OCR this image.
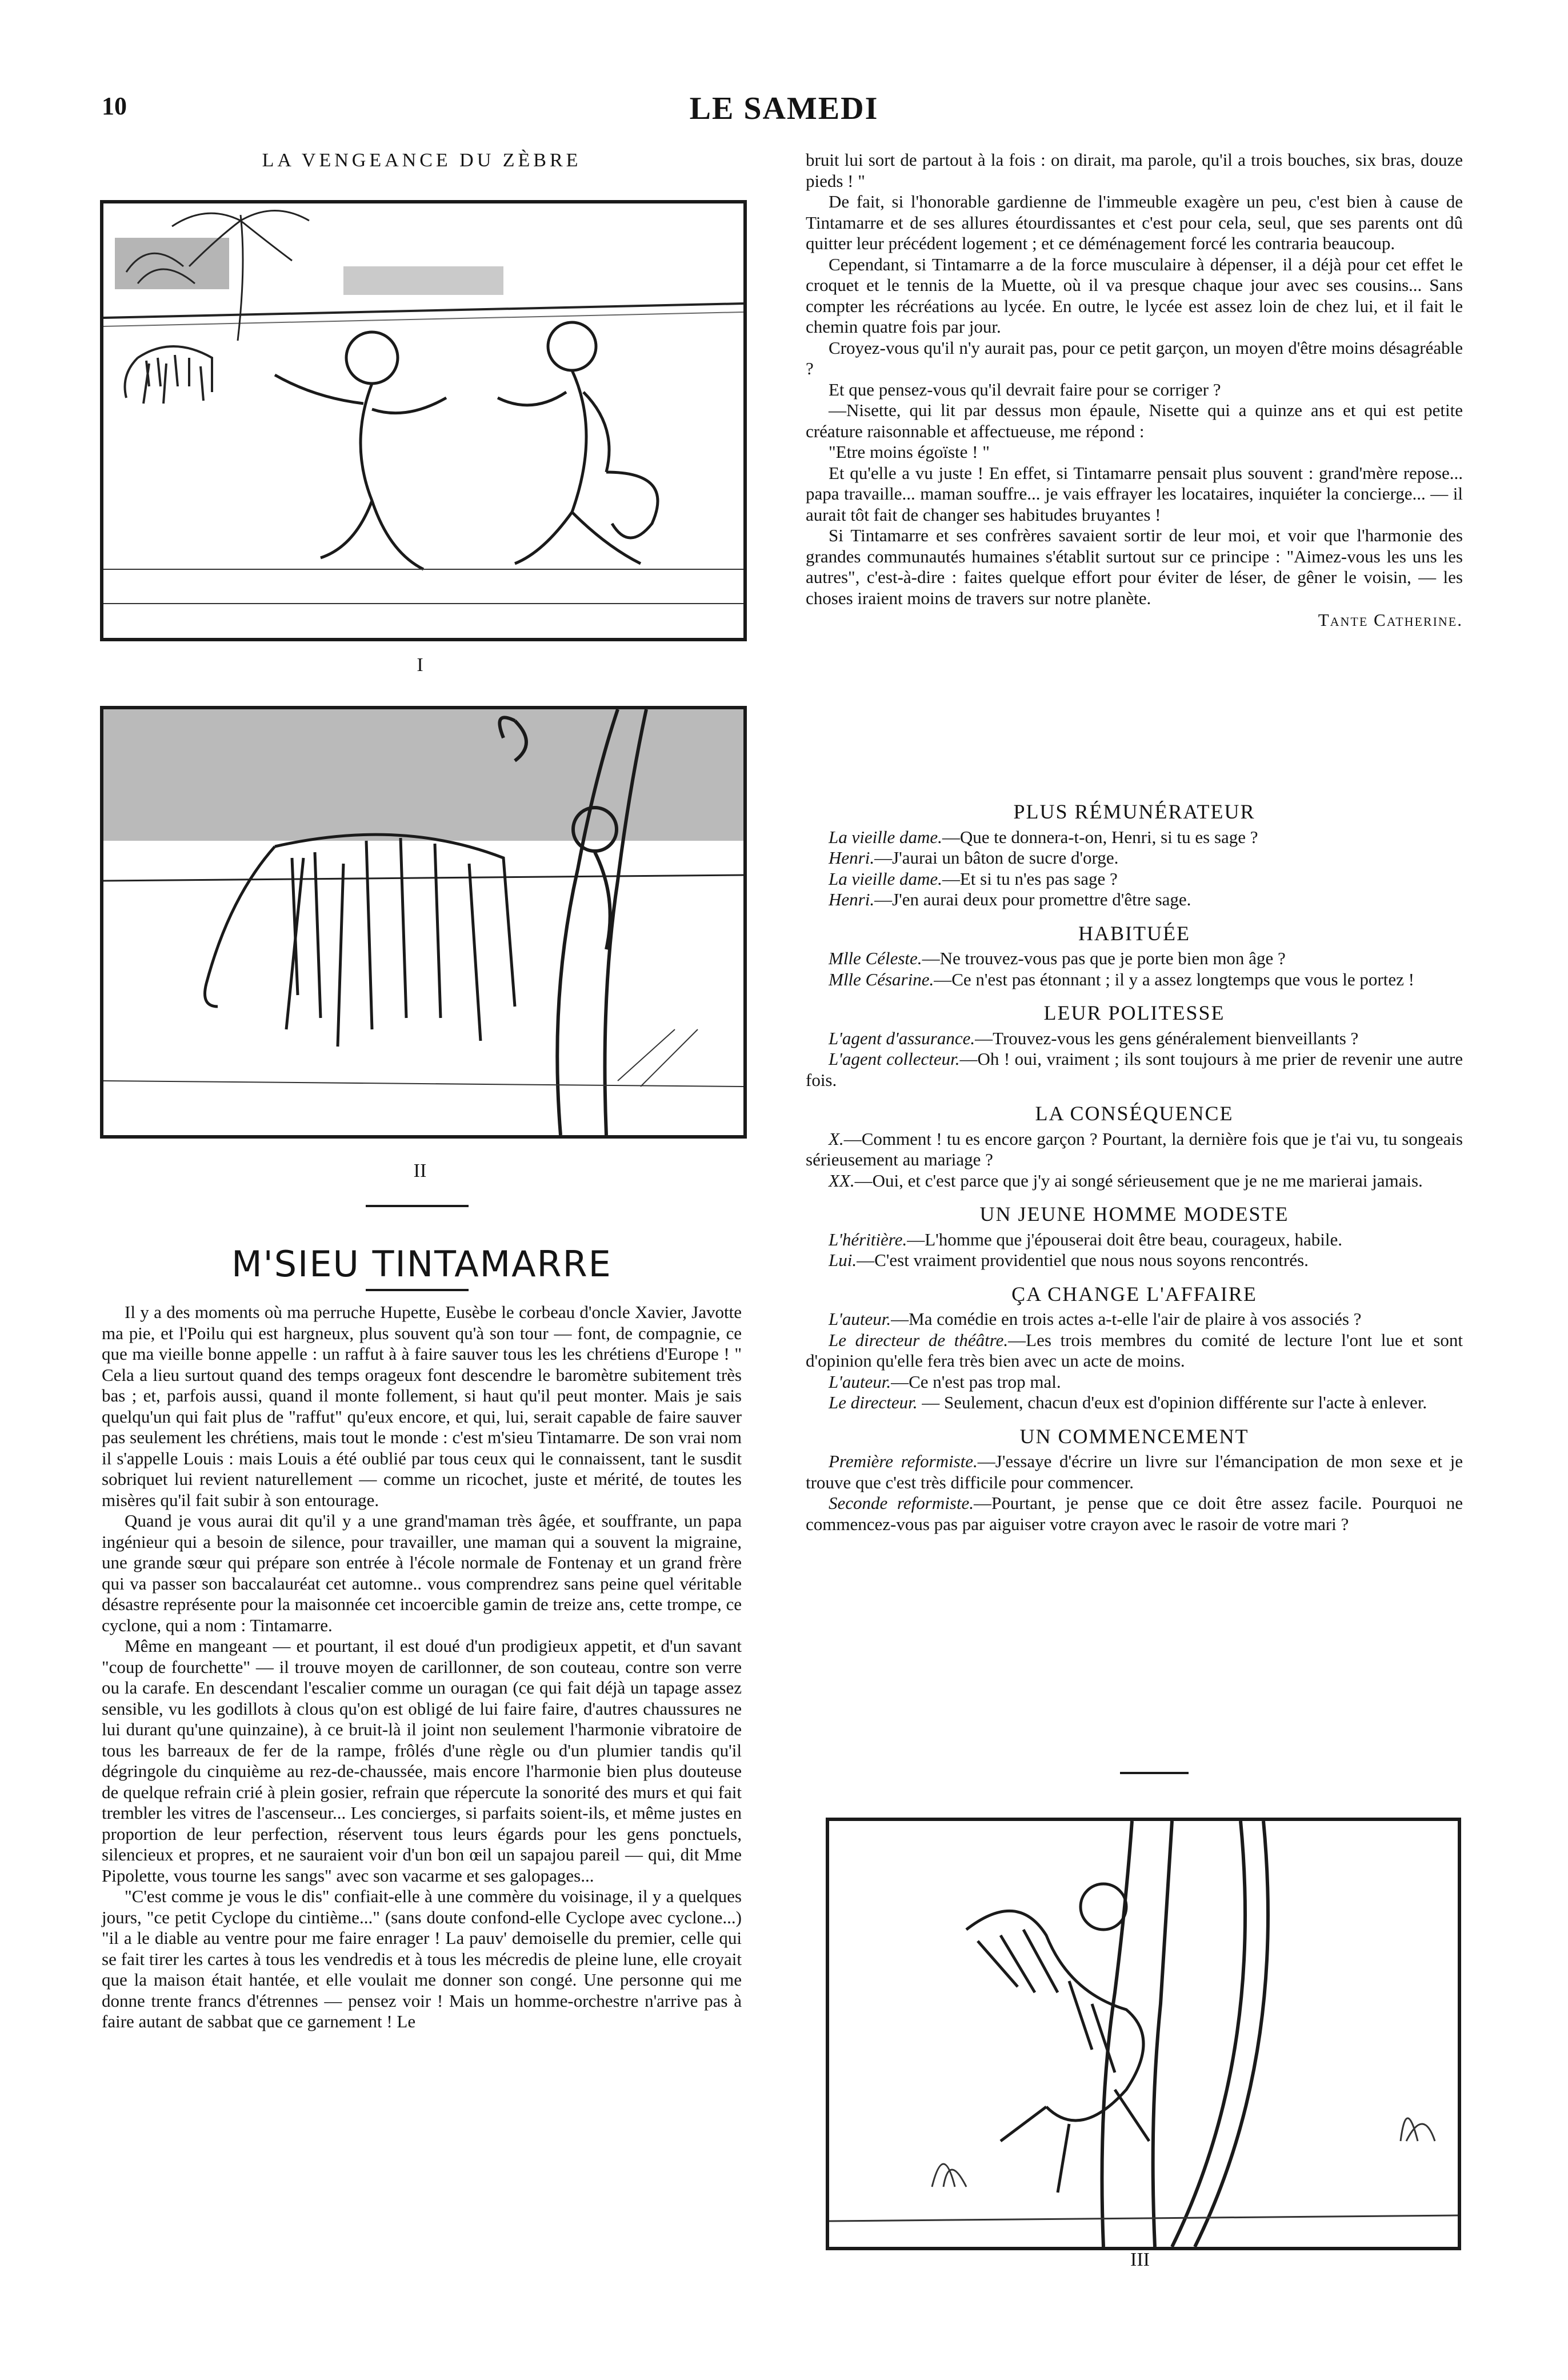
10	LE SAMEDI
LA VENGEANCE DU ZÈBRE
I
II
M'SIEU TINTAMARRE

Il y a des moments où ma perruche Hupette, Eusèbe le corbeau d'oncle Xavier, Javotte ma pie, et l'Poilu qui est hargneux, plus souvent qu'à son tour — font, de compagnie, ce que ma vieille bonne appelle : un raffut à à faire sauver tous les les chrétiens d'Europe ! " Cela a lieu surtout quand des temps orageux font descendre le baromètre subitement très bas ; et, parfois aussi, quand il monte follement, si haut qu'il peut monter. Mais je sais quelqu'un qui fait plus de "raffut" qu'eux encore, et qui, lui, serait capable de faire sauver pas seulement les chrétiens, mais tout le monde : c'est m'sieu Tintamarre. De son vrai nom il s'appelle Louis : mais Louis a été oublié par tous ceux qui le connaissent, tant le susdit sobriquet lui revient naturellement — comme un ricochet, juste et mérité, de toutes les misères qu'il fait subir à son entourage.

Quand je vous aurai dit qu'il y a une grand'maman très âgée, et souffrante, un papa ingénieur qui a besoin de silence, pour travailler, une maman qui a souvent la migraine, une grande sœur qui prépare son entrée à l'école normale de Fontenay et un grand frère qui va passer son baccalauréat cet automne.. vous comprendrez sans peine quel véritable désastre représente pour la maisonnée cet incoercible gamin de treize ans, cette trompe, ce cyclone, qui a nom : Tintamarre.

Même en mangeant — et pourtant, il est doué d'un prodigieux appetit, et d'un savant "coup de fourchette" — il trouve moyen de carillonner, de son couteau, contre son verre ou la carafe. En descendant l'escalier comme un ouragan (ce qui fait déjà un tapage assez sensible, vu les godillots à clous qu'on est obligé de lui faire faire, d'autres chaussures ne lui durant qu'une quinzaine), à ce bruit-là il joint non seulement l'harmonie vibratoire de tous les barreaux de fer de la rampe, frôlés d'une règle ou d'un plumier tandis qu'il dégringole du cinquième au rez-de-chaussée, mais encore l'harmonie bien plus douteuse de quelque refrain crié à plein gosier, refrain que répercute la sonorité des murs et qui fait trembler les vitres de l'ascenseur... Les concierges, si parfaits soient-ils, et même justes en proportion de leur perfection, réservent tous leurs égards pour les gens ponctuels, silencieux et propres, et ne sauraient voir d'un bon œil un sapajou pareil — qui, dit Mme Pipolette, vous tourne les sangs" avec son vacarme et ses galopages...

"C'est comme je vous le dis" confiait-elle à une commère du voisinage, il y a quelques jours, "ce petit Cyclope du cintième..." (sans doute confond-elle Cyclope avec cyclone...) "il a le diable au ventre pour me faire enrager ! La pauv' demoiselle du premier, celle qui se fait tirer les cartes à tous les vendredis et à tous les mécredis de pleine lune, elle croyait que la maison était hantée, et elle voulait me donner son congé. Une personne qui me donne trente francs d'étrennes — pensez voir ! Mais un homme-orchestre n'arrive pas à faire autant de sabbat que ce garnement ! Le

bruit lui sort de partout à la fois : on dirait, ma parole, qu'il a trois bouches, six bras, douze pieds ! "

De fait, si l'honorable gardienne de l'immeuble exagère un peu, c'est bien à cause de Tintamarre et de ses allures étourdissantes et c'est pour cela, seul, que ses parents ont dû quitter leur précédent logement ; et ce déménagement forcé les contraria beaucoup.

Cependant, si Tintamarre a de la force musculaire à dépenser, il a déjà pour cet effet le croquet et le tennis de la Muette, où il va presque chaque jour avec ses cousins... Sans compter les récréations au lycée. En outre, le lycée est assez loin de chez lui, et il fait le chemin quatre fois par jour.

Croyez-vous qu'il n'y aurait pas, pour ce petit garçon, un moyen d'être moins désagréable ?

Et que pensez-vous qu'il devrait faire pour se corriger ?

—Nisette, qui lit par dessus mon épaule, Nisette qui a quinze ans et qui est petite créature raisonnable et affectueuse, me répond :

"Etre moins égoïste ! "

Et qu'elle a vu juste ! En effet, si Tintamarre pensait plus souvent : grand'mère repose... papa travaille... maman souffre... je vais effrayer les locataires, inquiéter la concierge... — il aurait tôt fait de changer ses habitudes bruyantes !

Si Tintamarre et ses confrères savaient sortir de leur moi, et voir que l'harmonie des grandes communautés humaines s'établit surtout sur ce principe : "Aimez-vous les uns les autres", c'est-à-dire : faites quelque effort pour éviter de léser, de gêner le voisin, — les choses iraient moins de travers sur notre planète.

Tante Catherine.
PLUS RÉMUNÉRATEUR

La vieille dame.—Que te donnera-t-on, Henri, si tu es sage ?

Henri.—J'aurai un bâton de sucre d'orge.

La vieille dame.—Et si tu n'es pas sage ?

Henri.—J'en aurai deux pour promettre d'être sage.

HABITUÉE

Mlle Céleste.—Ne trouvez-vous pas que je porte bien mon âge ?

Mlle Césarine.—Ce n'est pas étonnant ; il y a assez longtemps que vous le portez !

LEUR POLITESSE

L'agent d'assurance.—Trouvez-vous les gens généralement bienveillants ?

L'agent collecteur.—Oh ! oui, vraiment ; ils sont toujours à me prier de revenir une autre fois.

LA CONSÉQUENCE

X.—Comment ! tu es encore garçon ? Pourtant, la dernière fois que je t'ai vu, tu songeais sérieusement au mariage ?

XX.—Oui, et c'est parce que j'y ai songé sérieusement que je ne me marierai jamais.

UN JEUNE HOMME MODESTE

L'héritière.—L'homme que j'épouserai doit être beau, courageux, habile.

Lui.—C'est vraiment providentiel que nous nous soyons rencontrés.

ÇA CHANGE L'AFFAIRE

L'auteur.—Ma comédie en trois actes a-t-elle l'air de plaire à vos associés ?

Le directeur de théâtre.—Les trois membres du comité de lecture l'ont lue et sont d'opinion qu'elle fera très bien avec un acte de moins.

L'auteur.—Ce n'est pas trop mal.

Le directeur. — Seulement, chacun d'eux est d'opinion différente sur l'acte à enlever.

UN COMMENCEMENT

Première reformiste.—J'essaye d'écrire un livre sur l'émancipation de mon sexe et je trouve que c'est très difficile pour commencer.

Seconde reformiste.—Pourtant, je pense que ce doit être assez facile. Pourquoi ne commencez-vous pas par aiguiser votre crayon avec le rasoir de votre mari ?

III
